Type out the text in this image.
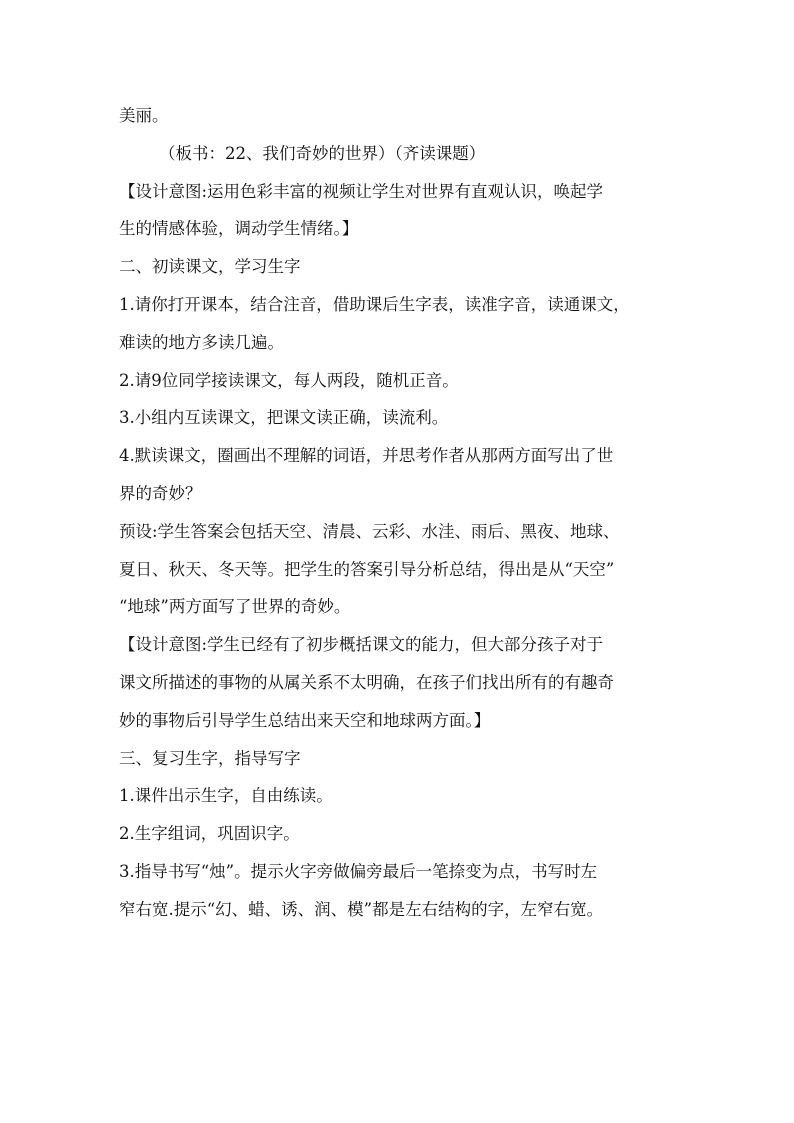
美丽。
（板书：22、我们奇妙的世界）（齐读课题）
【设计意图:运用色彩丰富的视频让学生对世界有直观认识，唤起学
生的情感体验，调动学生情绪。】
二、初读课文，学习生字
1.请你打开课本，结合注音，借助课后生字表，读准字音，读通课文，
难读的地方多读几遍。
2.请9位同学接读课文，每人两段，随机正音。
3.小组内互读课文，把课文读正确，读流利。
4.默读课文，圈画出不理解的词语，并思考作者从那两方面写出了世
界的奇妙？
预设:学生答案会包括天空、清晨、云彩、水洼、雨后、黑夜、地球、
夏日、秋天、冬天等。把学生的答案引导分析总结，得出是从“天空”
“地球”两方面写了世界的奇妙。
【设计意图:学生已经有了初步概括课文的能力，但大部分孩子对于
课文所描述的事物的从属关系不太明确，在孩子们找出所有的有趣奇
妙的事物后引导学生总结出来天空和地球两方面。】
三、复习生字，指导写字
1.课件出示生字，自由练读。
2.生字组词，巩固识字。
3.指导书写“烛”。提示火字旁做偏旁最后一笔捺变为点，书写时左
窄右宽.提示“幻、蜡、诱、润、模”都是左右结构的字，左窄右宽。
